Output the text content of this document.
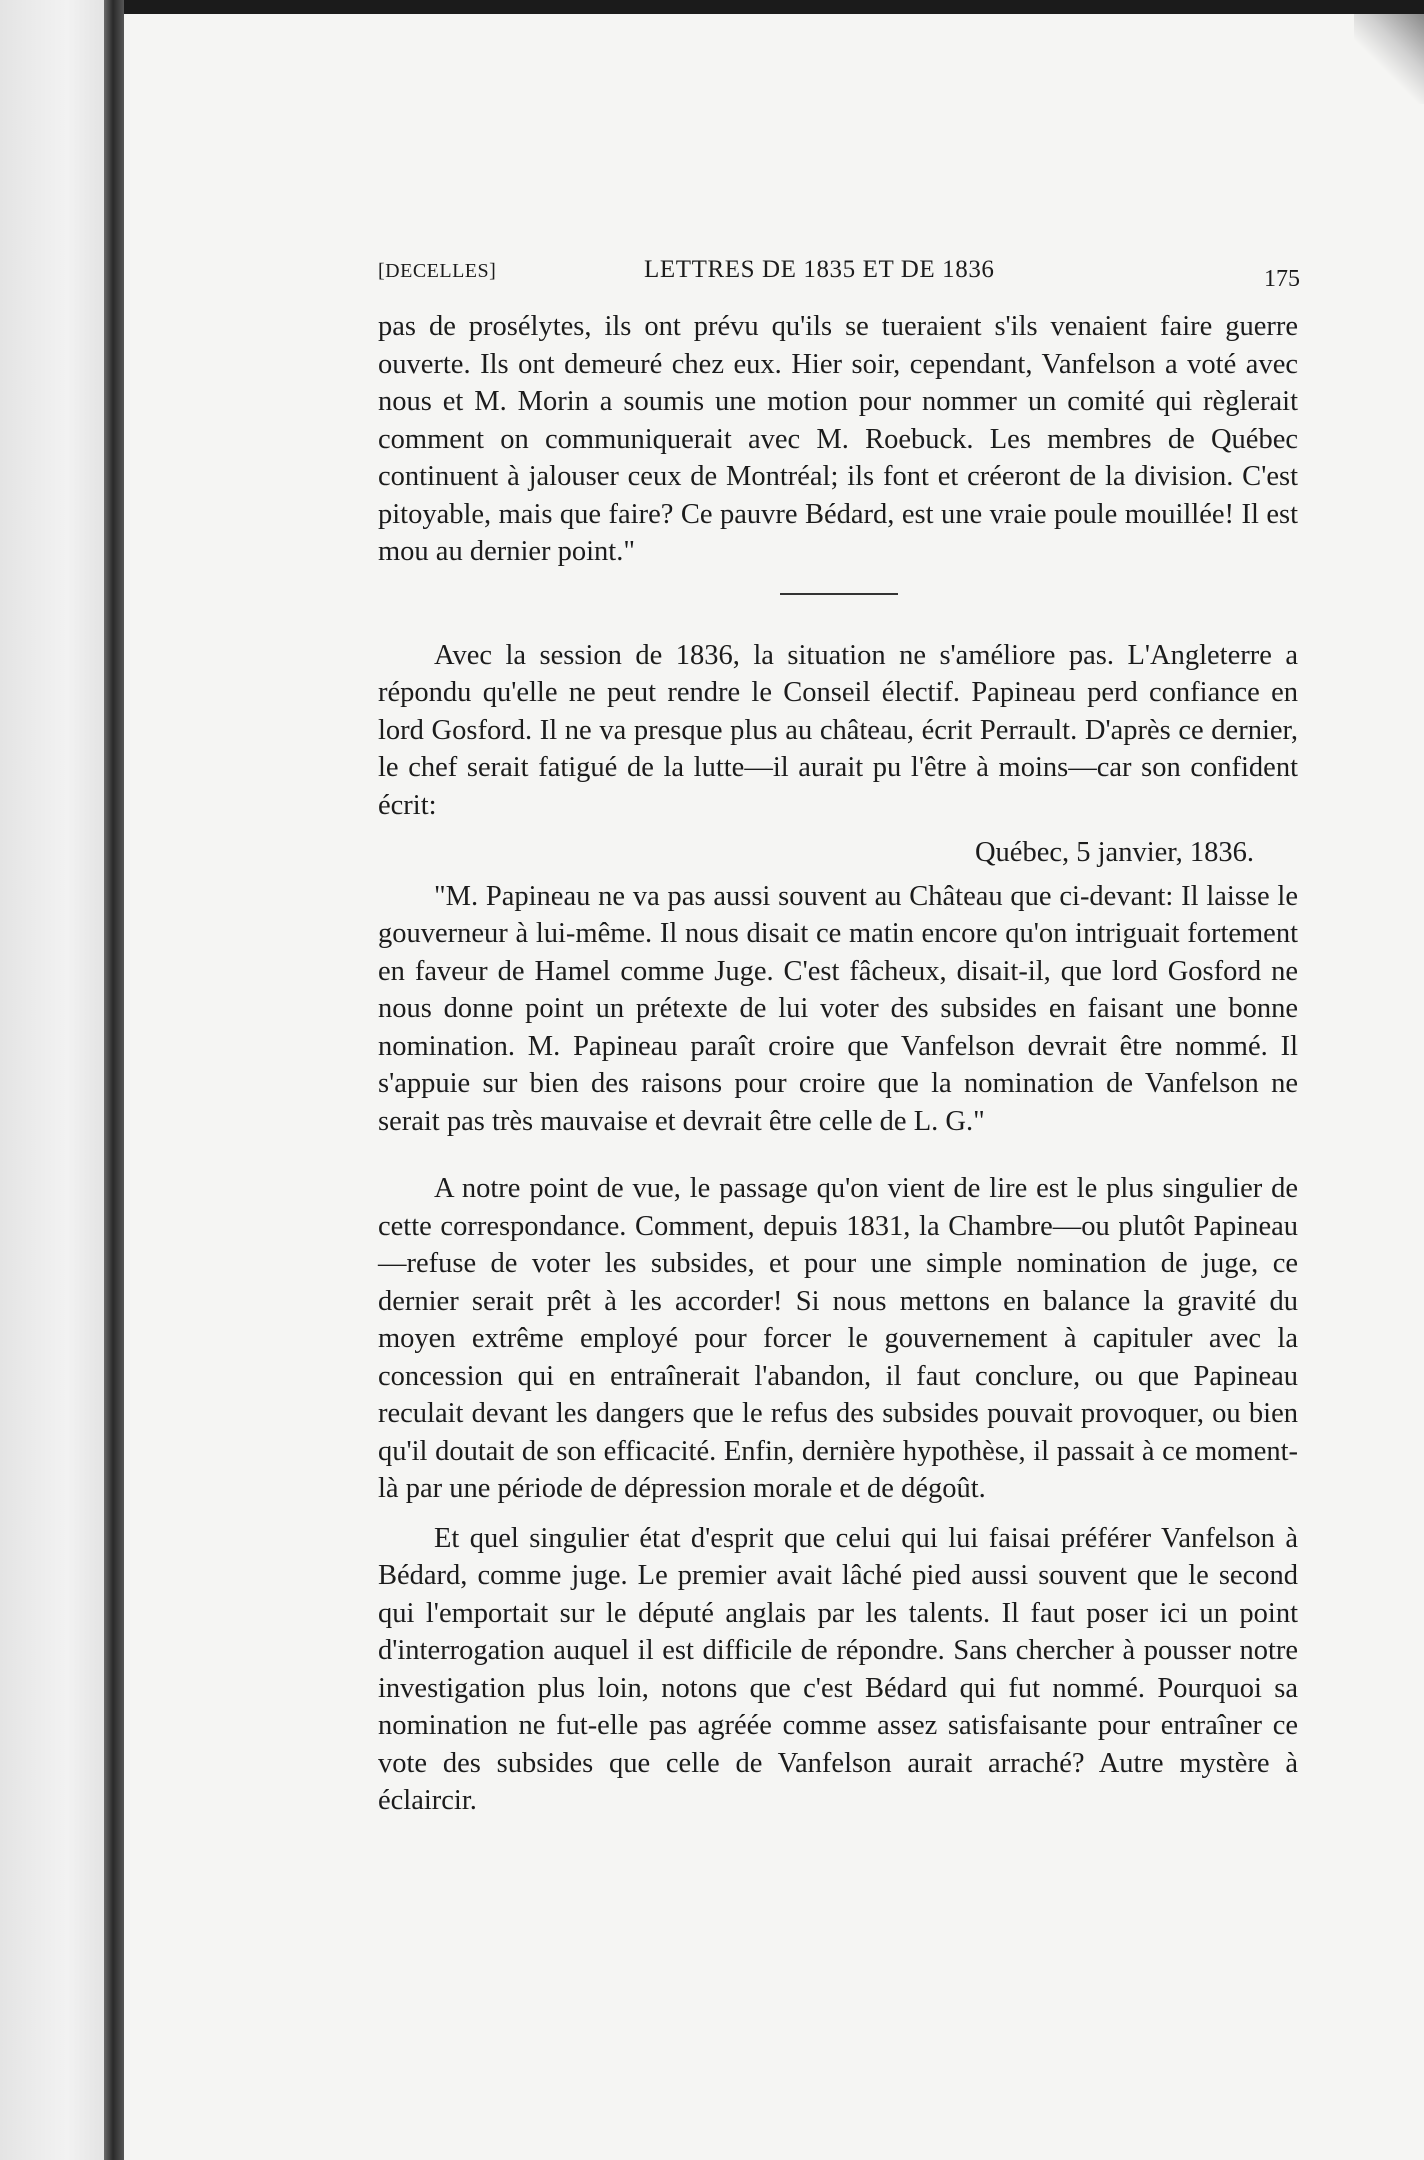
[DECELLES]	LETTRES DE 1835 ET DE 1836	175

pas de prosélytes, ils ont prévu qu'ils se tueraient s'ils venaient faire guerre ouverte. Ils ont demeuré chez eux. Hier soir, cependant, Vanfelson a voté avec nous et M. Morin a soumis une motion pour nommer un comité qui règlerait comment on communiquerait avec M. Roebuck. Les membres de Québec continuent à jalouser ceux de Montréal; ils font et créeront de la division. C'est pitoyable, mais que faire? Ce pauvre Bédard, est une vraie poule mouillée! Il est mou au dernier point."

Avec la session de 1836, la situation ne s'améliore pas. L'Angleterre a répondu qu'elle ne peut rendre le Conseil électif. Papineau perd confiance en lord Gosford. Il ne va presque plus au château, écrit Perrault. D'après ce dernier, le chef serait fatigué de la lutte—il aurait pu l'être à moins—car son confident écrit:

Québec, 5 janvier, 1836.

"M. Papineau ne va pas aussi souvent au Château que ci-devant: Il laisse le gouverneur à lui-même. Il nous disait ce matin encore qu'on intriguait fortement en faveur de Hamel comme Juge. C'est fâcheux, disait-il, que lord Gosford ne nous donne point un prétexte de lui voter des subsides en faisant une bonne nomination. M. Papineau paraît croire que Vanfelson devrait être nommé. Il s'appuie sur bien des raisons pour croire que la nomination de Vanfelson ne serait pas très mauvaise et devrait être celle de L. G."

A notre point de vue, le passage qu'on vient de lire est le plus singulier de cette correspondance. Comment, depuis 1831, la Chambre—ou plutôt Papineau—refuse de voter les subsides, et pour une simple nomination de juge, ce dernier serait prêt à les accorder! Si nous mettons en balance la gravité du moyen extrême employé pour forcer le gouvernement à capituler avec la concession qui en entraînerait l'abandon, il faut conclure, ou que Papineau reculait devant les dangers que le refus des subsides pouvait provoquer, ou bien qu'il doutait de son efficacité. Enfin, dernière hypothèse, il passait à ce moment-là par une période de dépression morale et de dégoût.

Et quel singulier état d'esprit que celui qui lui faisai préférer Vanfelson à Bédard, comme juge. Le premier avait lâché pied aussi souvent que le second qui l'emportait sur le député anglais par les talents. Il faut poser ici un point d'interrogation auquel il est difficile de répondre. Sans chercher à pousser notre investigation plus loin, notons que c'est Bédard qui fut nommé. Pourquoi sa nomination ne fut-elle pas agréée comme assez satisfaisante pour entraîner ce vote des subsides que celle de Vanfelson aurait arraché? Autre mystère à éclaircir.
